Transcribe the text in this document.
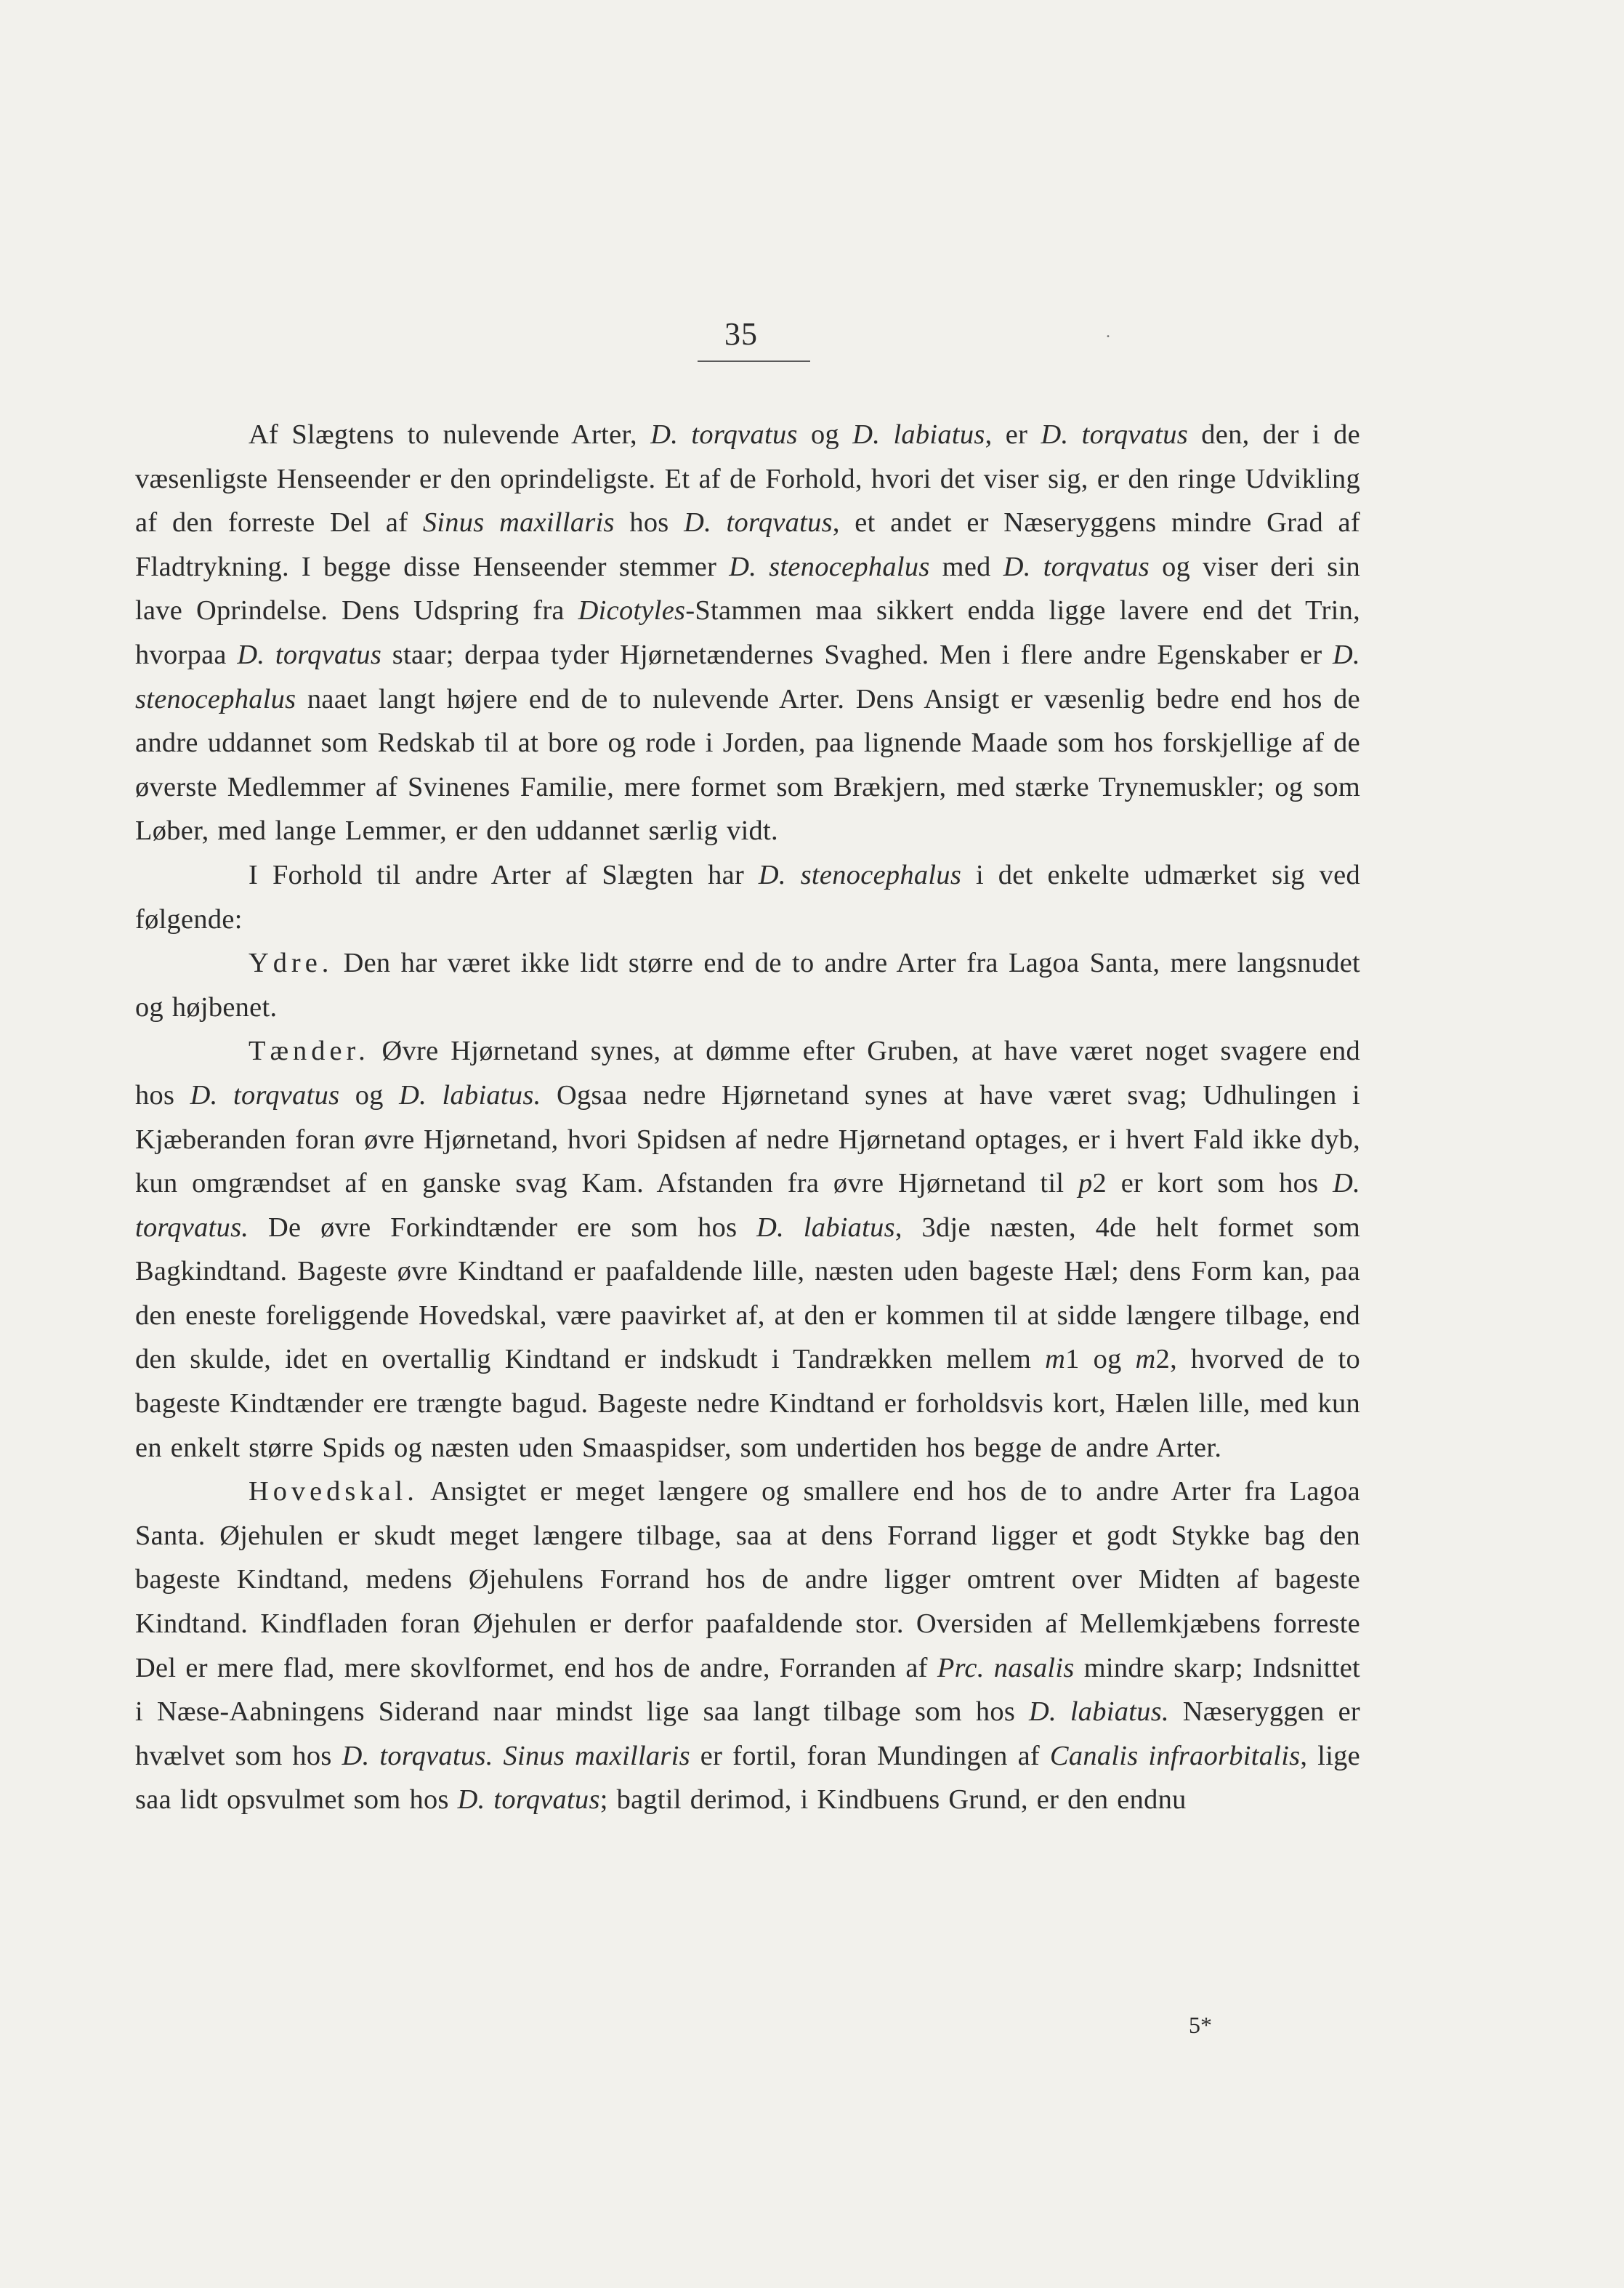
35	.

Af Slægtens to nulevende Arter, D. torqvatus og D. labiatus, er D. torqvatus den, der i de væsenligste Henseender er den oprindeligste. Et af de Forhold, hvori det viser sig, er den ringe Udvikling af den forreste Del af Sinus maxillaris hos D. torqvatus, et andet er Næseryggens mindre Grad af Fladtrykning. I begge disse Henseender stemmer D. stenocephalus med D. torqvatus og viser deri sin lave Oprindelse. Dens Udspring fra Dicotyles-Stammen maa sikkert endda ligge lavere end det Trin, hvorpaa D. torqvatus staar; derpaa tyder Hjørnetændernes Svaghed. Men i flere andre Egenskaber er D. stenocephalus naaet langt højere end de to nulevende Arter. Dens Ansigt er væsenlig bedre end hos de andre uddannet som Redskab til at bore og rode i Jorden, paa lignende Maade som hos forskjellige af de øverste Medlemmer af Svinenes Familie, mere formet som Brækjern, med stærke Trynemuskler; og som Løber, med lange Lemmer, er den uddannet særlig vidt.

I Forhold til andre Arter af Slægten har D. stenocephalus i det enkelte udmærket sig ved følgende:

Ydre. Den har været ikke lidt større end de to andre Arter fra Lagoa Santa, mere langsnudet og højbenet.

Tænder. Øvre Hjørnetand synes, at dømme efter Gruben, at have været noget svagere end hos D. torqvatus og D. labiatus. Ogsaa nedre Hjørnetand synes at have været svag; Udhulingen i Kjæberanden foran øvre Hjørnetand, hvori Spidsen af nedre Hjørnetand optages, er i hvert Fald ikke dyb, kun omgrændset af en ganske svag Kam. Afstanden fra øvre Hjørnetand til p2 er kort som hos D. torqvatus. De øvre Forkindtænder ere som hos D. labiatus, 3dje næsten, 4de helt formet som Bagkindtand. Bageste øvre Kindtand er paafaldende lille, næsten uden bageste Hæl; dens Form kan, paa den eneste foreliggende Hovedskal, være paavirket af, at den er kommen til at sidde længere tilbage, end den skulde, idet en overtallig Kindtand er indskudt i Tandrækken mellem m1 og m2, hvorved de to bageste Kindtænder ere trængte bagud. Bageste nedre Kindtand er forholdsvis kort, Hælen lille, med kun en enkelt større Spids og næsten uden Smaaspidser, som undertiden hos begge de andre Arter.

Hovedskal. Ansigtet er meget længere og smallere end hos de to andre Arter fra Lagoa Santa. Øjehulen er skudt meget længere tilbage, saa at dens Forrand ligger et godt Stykke bag den bageste Kindtand, medens Øjehulens Forrand hos de andre ligger omtrent over Midten af bageste Kindtand. Kindfladen foran Øjehulen er derfor paafaldende stor. Oversiden af Mellemkjæbens forreste Del er mere flad, mere skovlformet, end hos de andre, Forranden af Prc. nasalis mindre skarp; Indsnittet i Næse-Aabningens Siderand naar mindst lige saa langt tilbage som hos D. labiatus. Næseryggen er hvælvet som hos D. torqvatus. Sinus maxillaris er fortil, foran Mundingen af Canalis infraorbitalis, lige saa lidt opsvulmet som hos D. torqvatus; bagtil derimod, i Kindbuens Grund, er den endnu

5*
